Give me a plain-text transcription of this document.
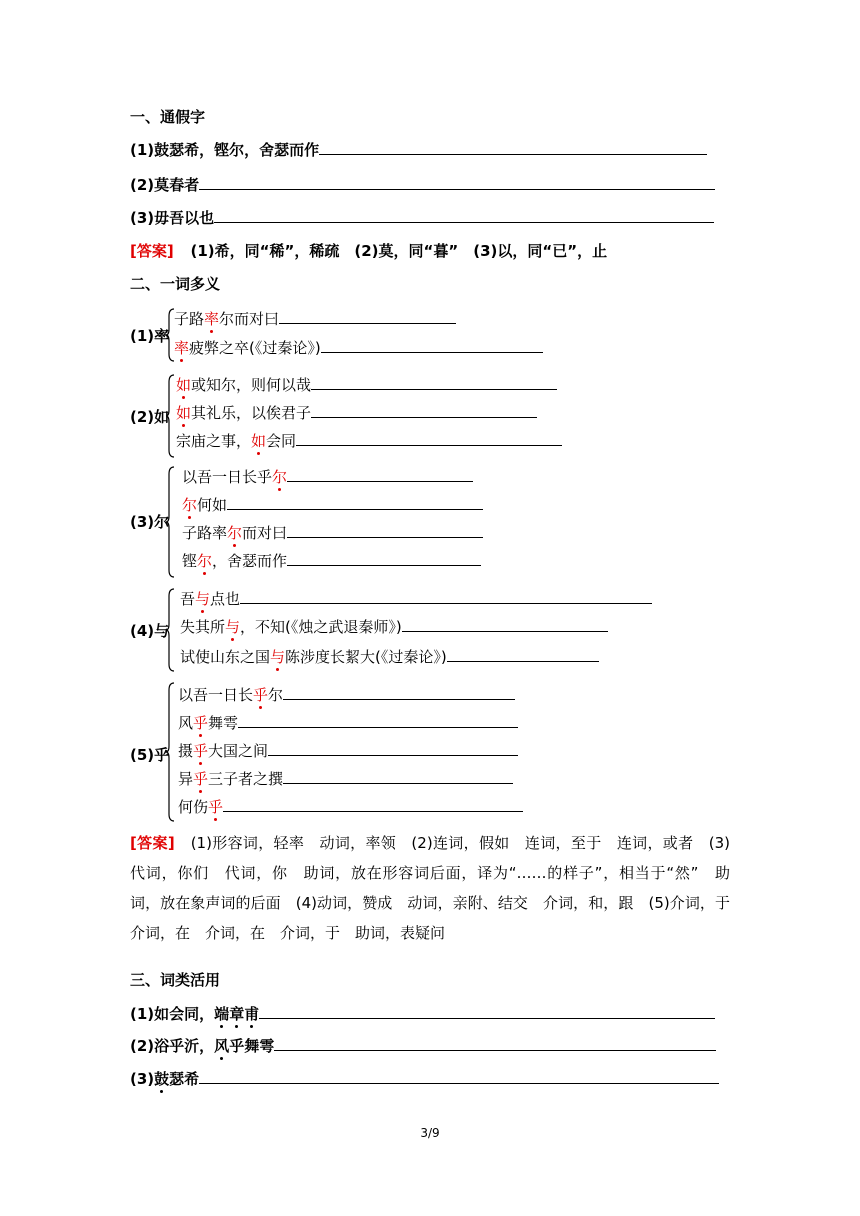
一、通假字
(1)鼓瑟希，铿尔，舍瑟而作
(2)莫春者
(3)毋吾以也
[答案] (1)希，同“稀”，稀疏　(2)莫，同“暮”　(3)以，同“已”，止
二、一词多义
(1)率
子路率尔而对曰
率疲弊之卒(《过秦论》)
(2)如
如或知尔，则何以哉
如其礼乐，以俟君子
宗庙之事，如会同
(3)尔
以吾一日长乎尔
尔何如
子路率尔而对曰
铿尔，舍瑟而作
(4)与
吾与点也
失其所与，不知(《烛之武退秦师》)
试使山东之国与陈涉度长絜大(《过秦论》)
(5)乎
以吾一日长乎尔
风乎舞雩
摄乎大国之间
异乎三子者之撰
何伤乎
[答案] (1)形容词，轻率　动词，率领　(2)连词，假如　连词，至于　连词，或者　(3)代词，你们　代词，你　助词，放在形容词后面，译为“……的样子”，相当于“然”　助词，放在象声词的后面　(4)动词，赞成　动词，亲附、结交　介词，和，跟　(5)介词，于　介词，在　介词，在　介词，于　助词，表疑问
三、词类活用
(1)如会同，端章甫
(2)浴乎沂，风乎舞雩
(3)鼓瑟希
3/9
